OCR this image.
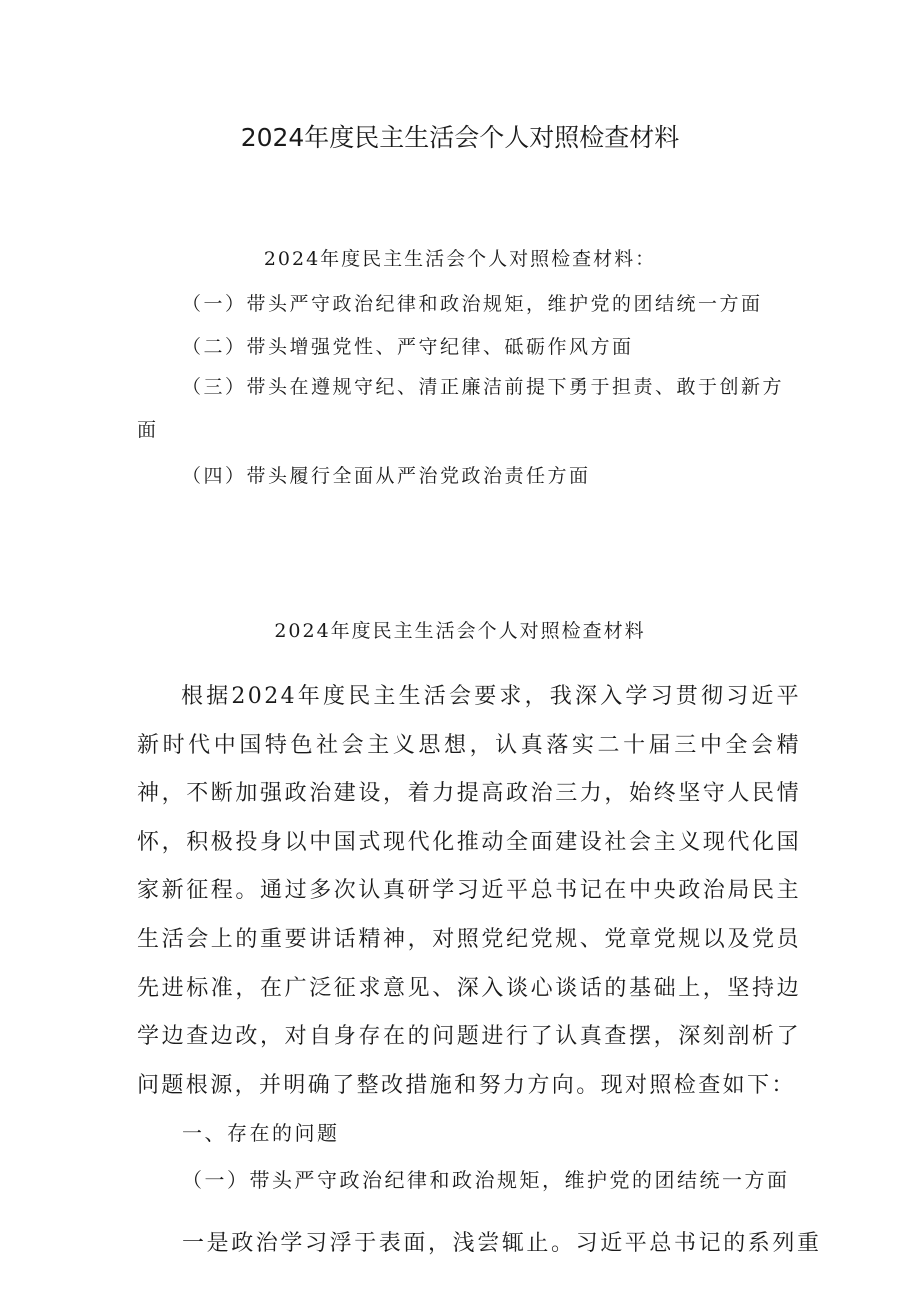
2024年度民主生活会个人对照检查材料

2024年度民主生活会个人对照检查材料：

（一）带头严守政治纪律和政治规矩，维护党的团结统一方面

（二）带头增强党性、严守纪律、砥砺作风方面

（三）带头在遵规守纪、清正廉洁前提下勇于担责、敢于创新方面

（四）带头履行全面从严治党政治责任方面

2024年度民主生活会个人对照检查材料

根据2024年度民主生活会要求，我深入学习贯彻习近平新时代中国特色社会主义思想，认真落实二十届三中全会精神，不断加强政治建设，着力提高政治三力，始终坚守人民情怀，积极投身以中国式现代化推动全面建设社会主义现代化国家新征程。通过多次认真研学习近平总书记在中央政治局民主生活会上的重要讲话精神，对照党纪党规、党章党规以及党员先进标准，在广泛征求意见、深入谈心谈话的基础上，坚持边学边查边改，对自身存在的问题进行了认真查摆，深刻剖析了问题根源，并明确了整改措施和努力方向。现对照检查如下：

一、存在的问题

（一）带头严守政治纪律和政治规矩，维护党的团结统一方面

一是政治学习浮于表面，浅尝辄止。习近平总书记的系列重
